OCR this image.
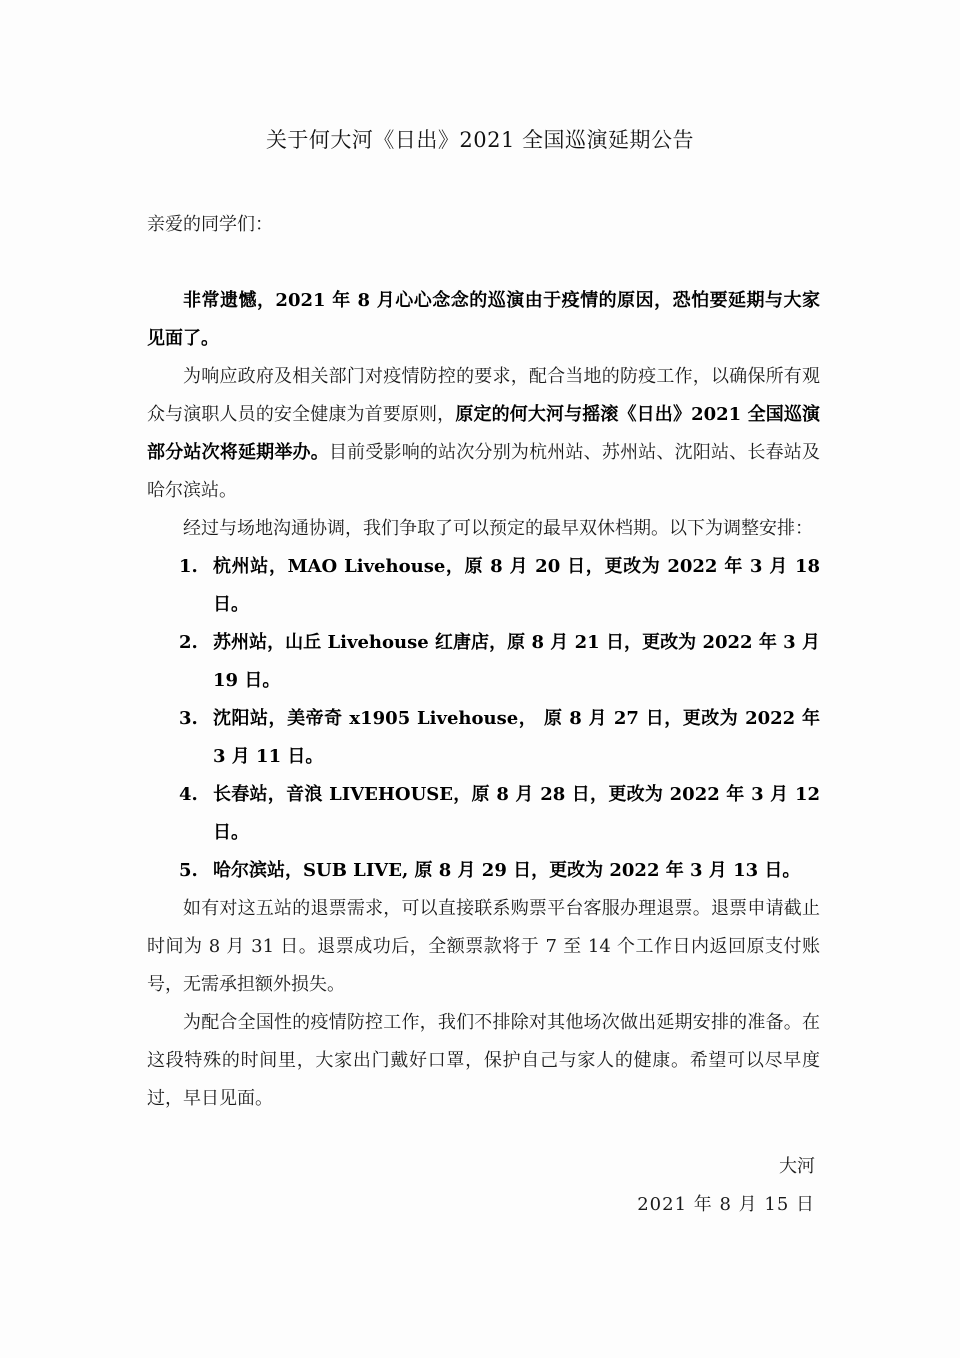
关于何大河《日出》2021 全国巡演延期公告
亲爱的同学们：

非常遗憾，2021 年 8 月心心念念的巡演由于疫情的原因，恐怕要延期与大家见面了。

为响应政府及相关部门对疫情防控的要求，配合当地的防疫工作，以确保所有观众与演职人员的安全健康为首要原则，原定的何大河与摇滚《日出》2021 全国巡演部分站次将延期举办。目前受影响的站次分别为杭州站、苏州站、沈阳站、长春站及哈尔滨站。

经过与场地沟通协调，我们争取了可以预定的最早双休档期。以下为调整安排：

1. 杭州站，MAO Livehouse，原 8 月 20 日，更改为 2022 年 3 月 18 日。
2. 苏州站，山丘 Livehouse 红唐店，原 8 月 21 日，更改为 2022 年 3 月 19 日。
3. 沈阳站，美帝奇 x1905 Livehouse， 原 8 月 27 日，更改为 2022 年 3 月 11 日。
4. 长春站，音浪 LIVEHOUSE，原 8 月 28 日，更改为 2022 年 3 月 12 日。
5. 哈尔滨站，SUB LIVE, 原 8 月 29 日，更改为 2022 年 3 月 13 日。

如有对这五站的退票需求，可以直接联系购票平台客服办理退票。退票申请截止时间为 8 月 31 日。退票成功后，全额票款将于 7 至 14 个工作日内返回原支付账号，无需承担额外损失。

为配合全国性的疫情防控工作，我们不排除对其他场次做出延期安排的准备。在这段特殊的时间里，大家出门戴好口罩，保护自己与家人的健康。希望可以尽早度过，早日见面。

大河
2021 年 8 月 15 日
